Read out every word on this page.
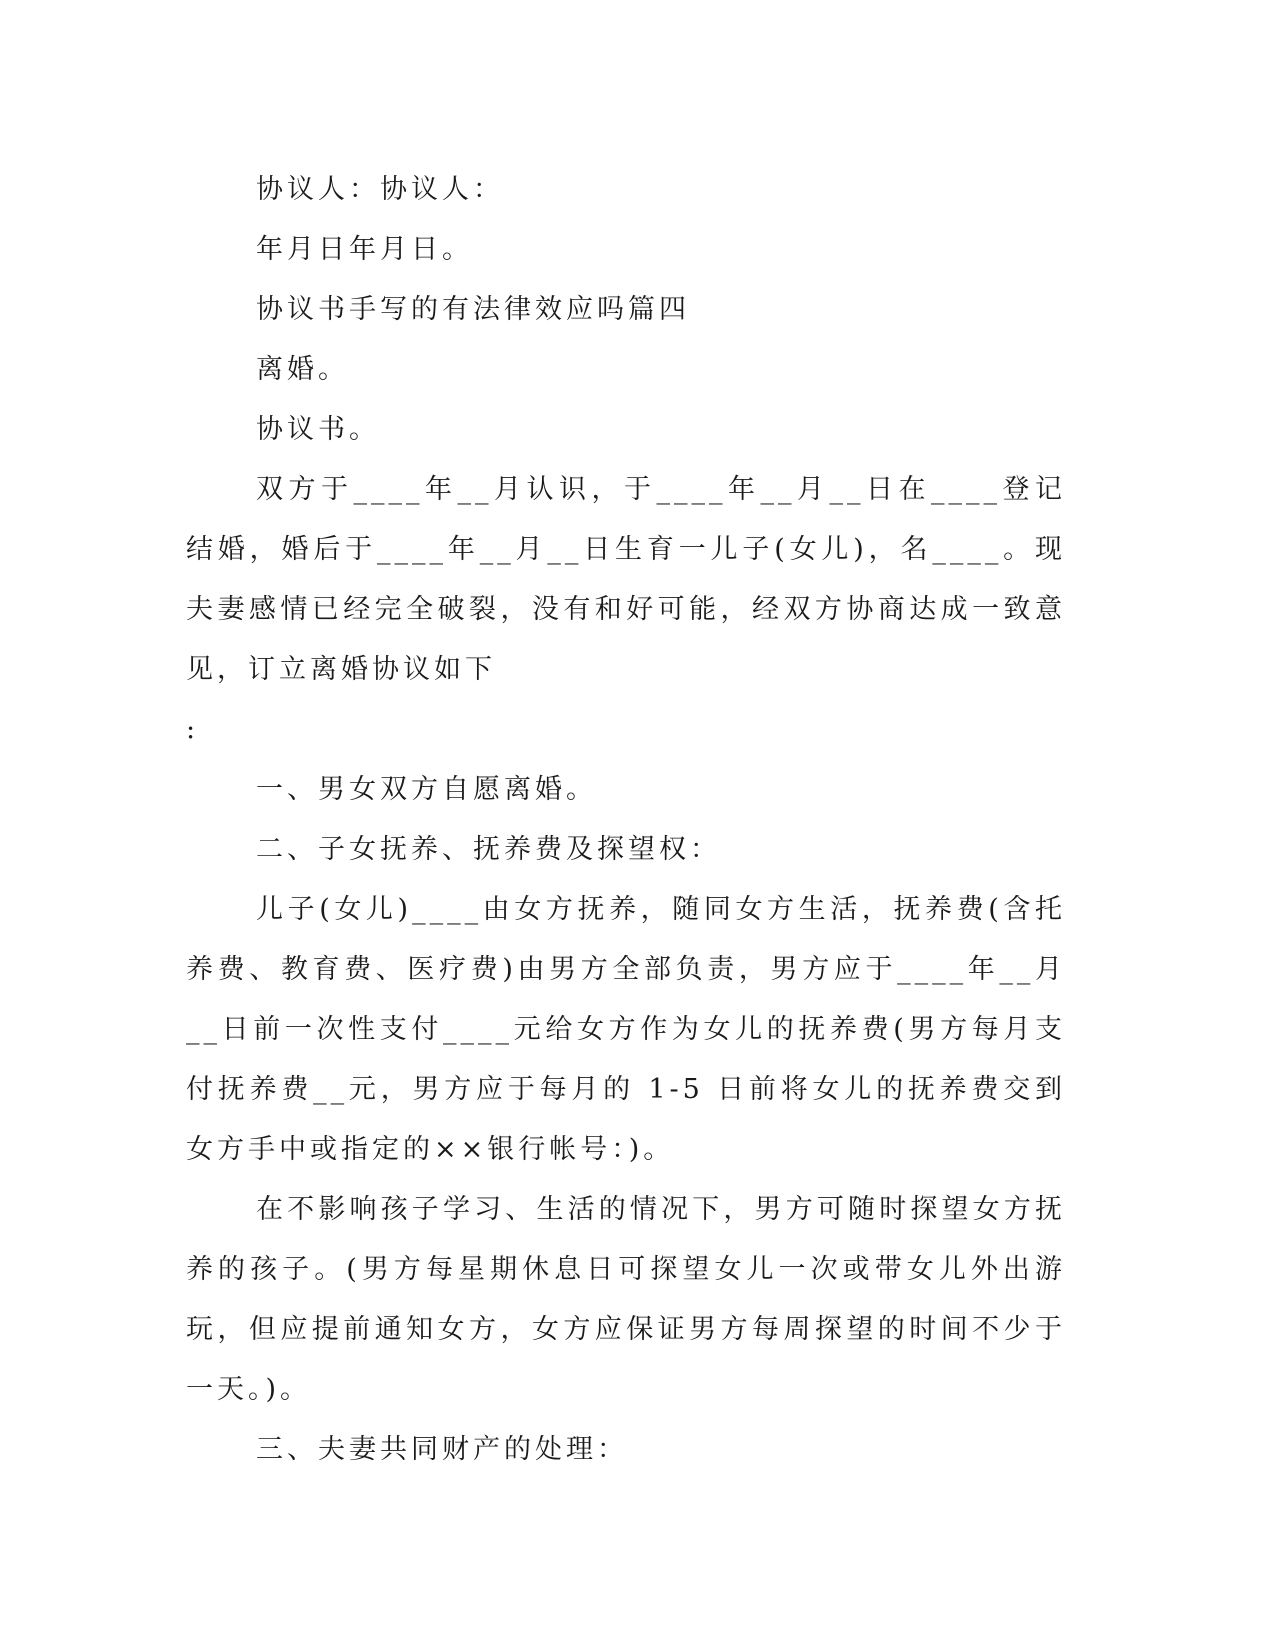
协议人：协议人：

年月日年月日。

协议书手写的有法律效应吗篇四

离婚。

协议书。

双方于____年__月认识，于____年__月__日在____登记结婚，婚后于____年__月__日生育一儿子(女儿)，名____。现夫妻感情已经完全破裂，没有和好可能，经双方协商达成一致意见，订立离婚协议如下

:

一、男女双方自愿离婚。

二、子女抚养、抚养费及探望权：

儿子(女儿)____由女方抚养，随同女方生活，抚养费(含托养费、教育费、医疗费)由男方全部负责，男方应于____年__月__日前一次性支付____元给女方作为女儿的抚养费(男方每月支付抚养费__元，男方应于每月的 1-5 日前将女儿的抚养费交到女方手中或指定的××银行帐号：)。

在不影响孩子学习、生活的情况下，男方可随时探望女方抚养的孩子。(男方每星期休息日可探望女儿一次或带女儿外出游玩，但应提前通知女方，女方应保证男方每周探望的时间不少于一天。)。

三、夫妻共同财产的处理：
